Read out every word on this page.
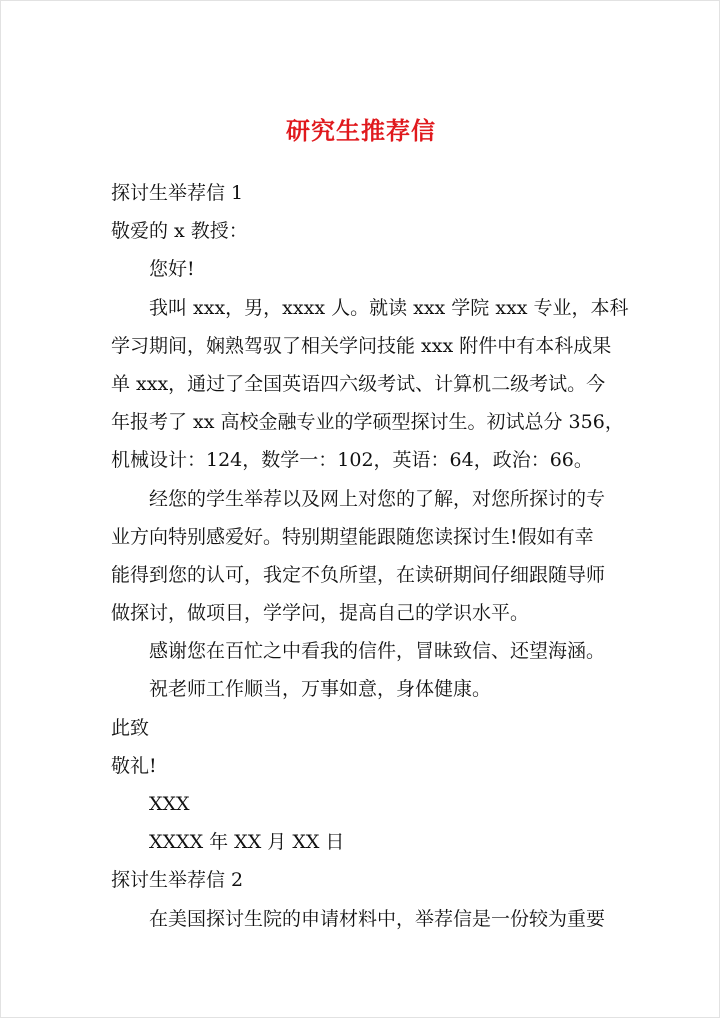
研究生推荐信
探讨生举荐信 1
敬爱的 x 教授：
您好!
我叫 xxx，男，xxxx 人。就读 xxx 学院 xxx 专业，本科
学习期间，娴熟驾驭了相关学问技能 xxx 附件中有本科成果
单 xxx，通过了全国英语四六级考试、计算机二级考试。今
年报考了 xx 高校金融专业的学硕型探讨生。初试总分 356，
机械设计：124，数学一：102，英语：64，政治：66。
经您的学生举荐以及网上对您的了解，对您所探讨的专
业方向特别感爱好。特别期望能跟随您读探讨生!假如有幸
能得到您的认可，我定不负所望，在读研期间仔细跟随导师
做探讨，做项目，学学问，提高自己的学识水平。
感谢您在百忙之中看我的信件，冒昧致信、还望海涵。
祝老师工作顺当，万事如意，身体健康。
此致
敬礼!
XXX
XXXX 年 XX 月 XX 日
探讨生举荐信 2
在美国探讨生院的申请材料中，举荐信是一份较为重要
